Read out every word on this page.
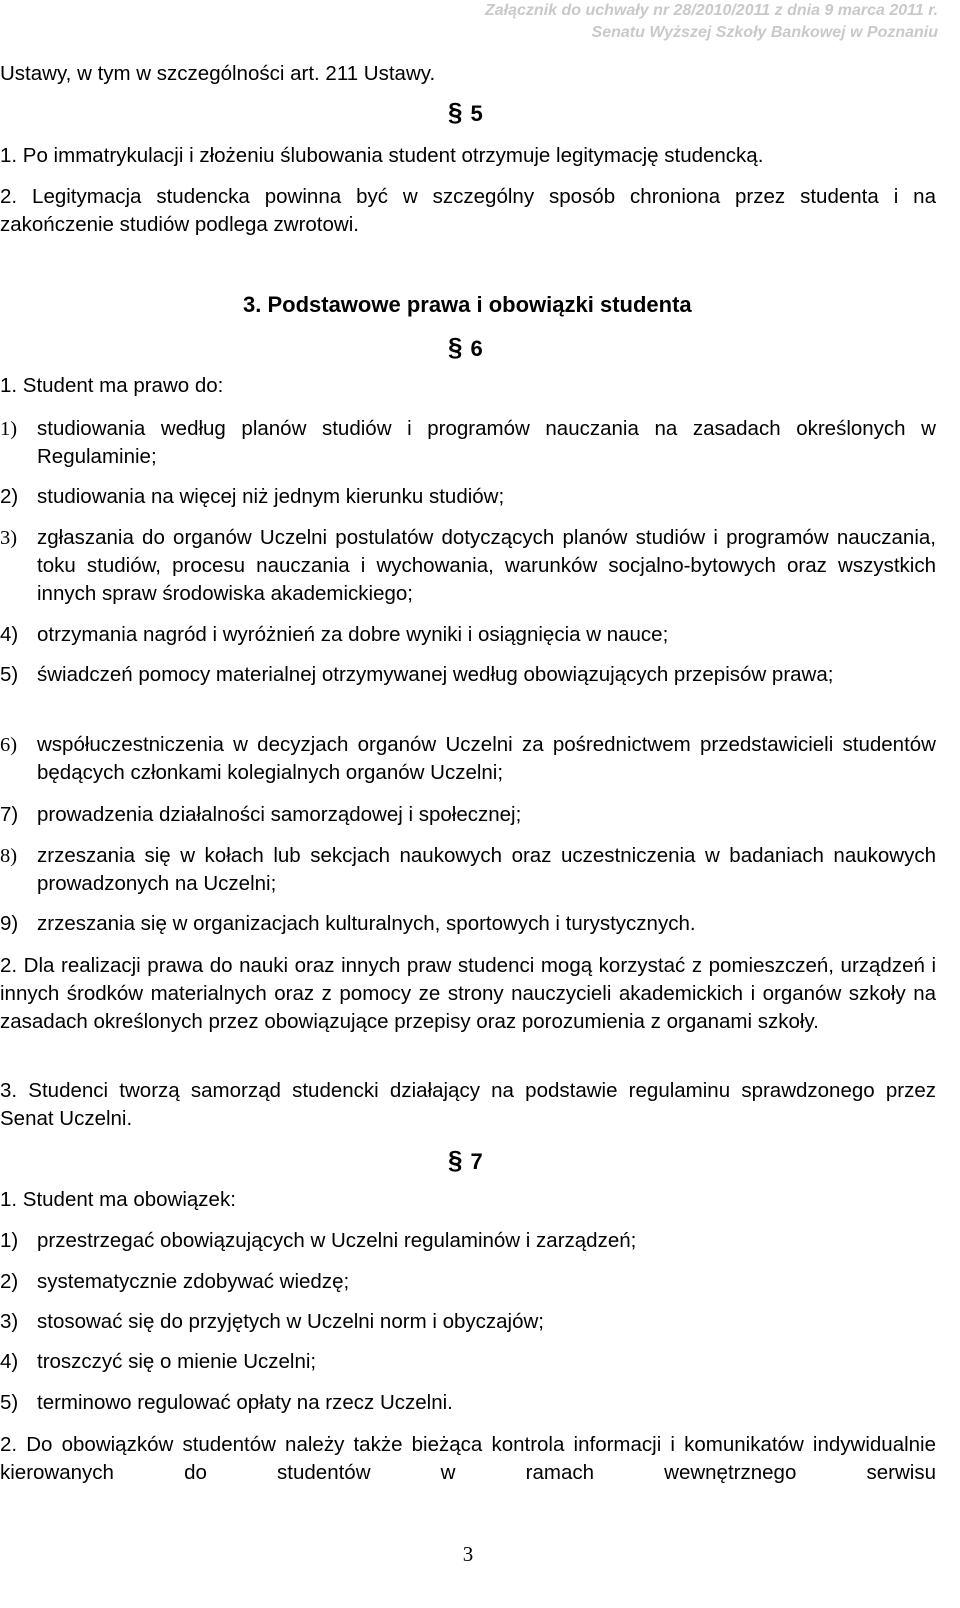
Załącznik do uchwały nr 28/2010/2011 z dnia 9 marca 2011 r.
Senatu Wyższej Szkoły Bankowej w Poznaniu
Ustawy, w tym w szczególności art. 211 Ustawy.
§ 5
1. Po immatrykulacji i złożeniu ślubowania student otrzymuje legitymację studencką.
2. Legitymacja studencka powinna być w szczególny sposób chroniona przez studenta i na zakończenie studiów podlega zwrotowi.
3. Podstawowe prawa i obowiązki studenta
§ 6
1. Student ma prawo do:
1) studiowania według planów studiów i programów nauczania na zasadach określonych w Regulaminie;
2) studiowania na więcej niż jednym kierunku studiów;
3) zgłaszania do organów Uczelni postulatów dotyczących planów studiów i programów nauczania, toku studiów, procesu nauczania i wychowania, warunków socjalno-bytowych oraz wszystkich innych spraw środowiska akademickiego;
4) otrzymania nagród i wyróżnień za dobre wyniki i osiągnięcia w nauce;
5) świadczeń pomocy materialnej otrzymywanej według obowiązujących przepisów prawa;
6) współuczestniczenia w decyzjach organów Uczelni za pośrednictwem przedstawicieli studentów będących członkami kolegialnych organów Uczelni;
7) prowadzenia działalności samorządowej i społecznej;
8) zrzeszania się w kołach lub sekcjach naukowych oraz uczestniczenia w badaniach naukowych prowadzonych na Uczelni;
9) zrzeszania się w organizacjach kulturalnych, sportowych i turystycznych.
2. Dla realizacji prawa do nauki oraz innych praw studenci mogą korzystać z pomieszczeń, urządzeń i innych środków materialnych oraz z pomocy ze strony nauczycieli akademickich i organów szkoły na zasadach określonych przez obowiązujące przepisy oraz porozumienia z organami szkoły.
3. Studenci tworzą samorząd studencki działający na podstawie regulaminu sprawdzonego przez Senat Uczelni.
§ 7
1. Student ma obowiązek:
1) przestrzegać obowiązujących w Uczelni regulaminów i zarządzeń;
2) systematycznie zdobywać wiedzę;
3) stosować się do przyjętych w Uczelni norm i obyczajów;
4) troszczyć się o mienie Uczelni;
5) terminowo regulować opłaty na rzecz Uczelni.
2. Do obowiązków studentów należy także bieżąca kontrola informacji i komunikatów indywidualnie kierowanych do studentów w ramach wewnętrznego serwisu
3
